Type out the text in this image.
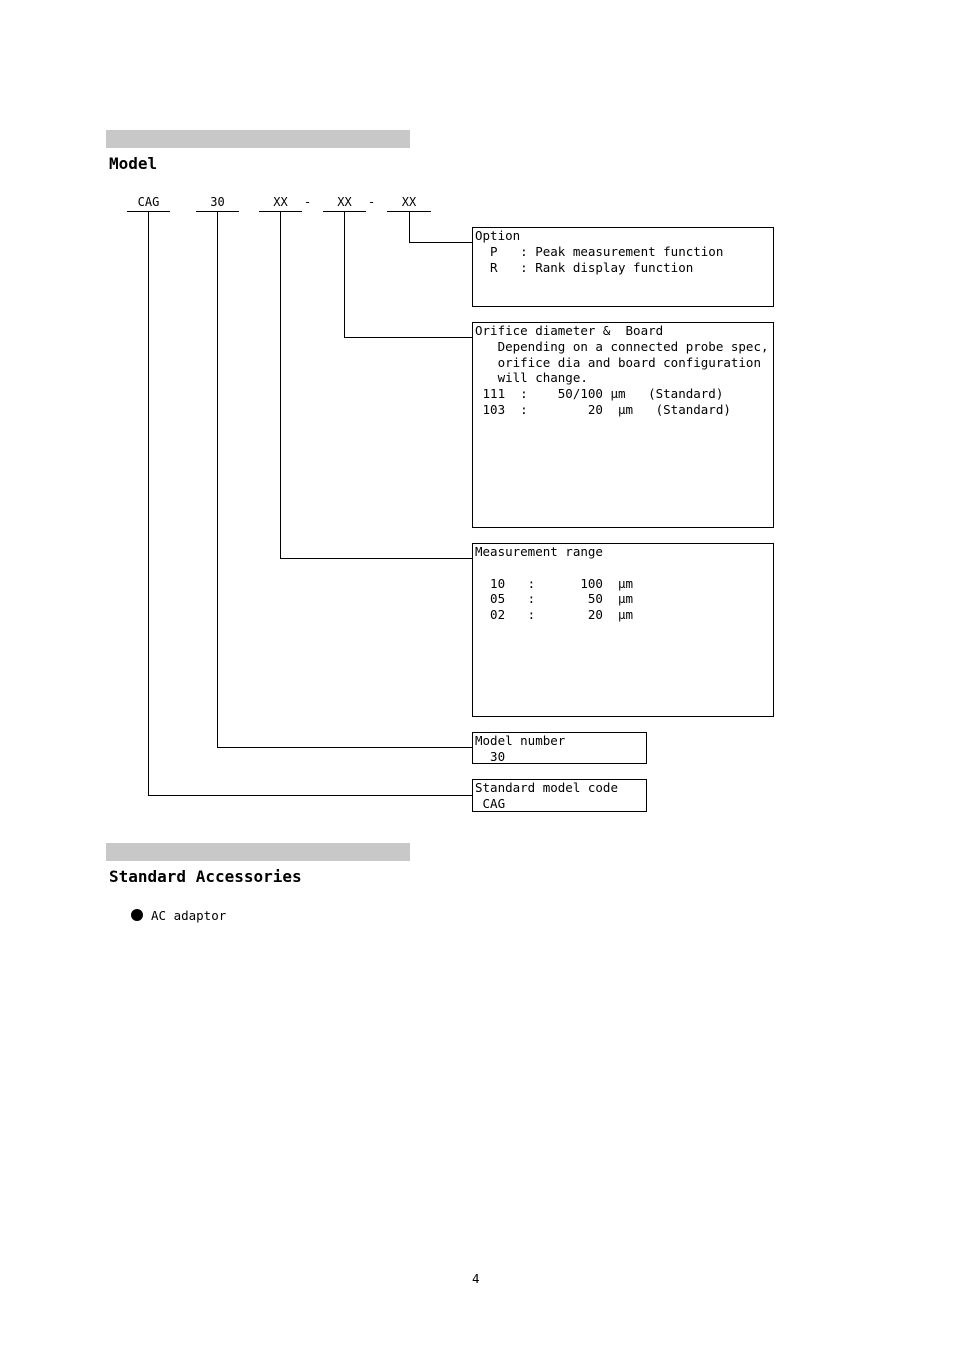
Model
CAG	30	XX	-	XX	-	XX
Option
P   : Peak measurement function
R   : Rank display function
Orifice diameter &  Board
Depending on a connected probe spec,
orifice dia and board configuration
will change.
111  :    50/100 μm   (Standard)
103  :        20  μm   (Standard)
Measurement range
10   :      100  μm
05   :       50  μm
02   :       20  μm
Model number
30
Standard model code
CAG
Standard Accessories
AC adaptor
4
